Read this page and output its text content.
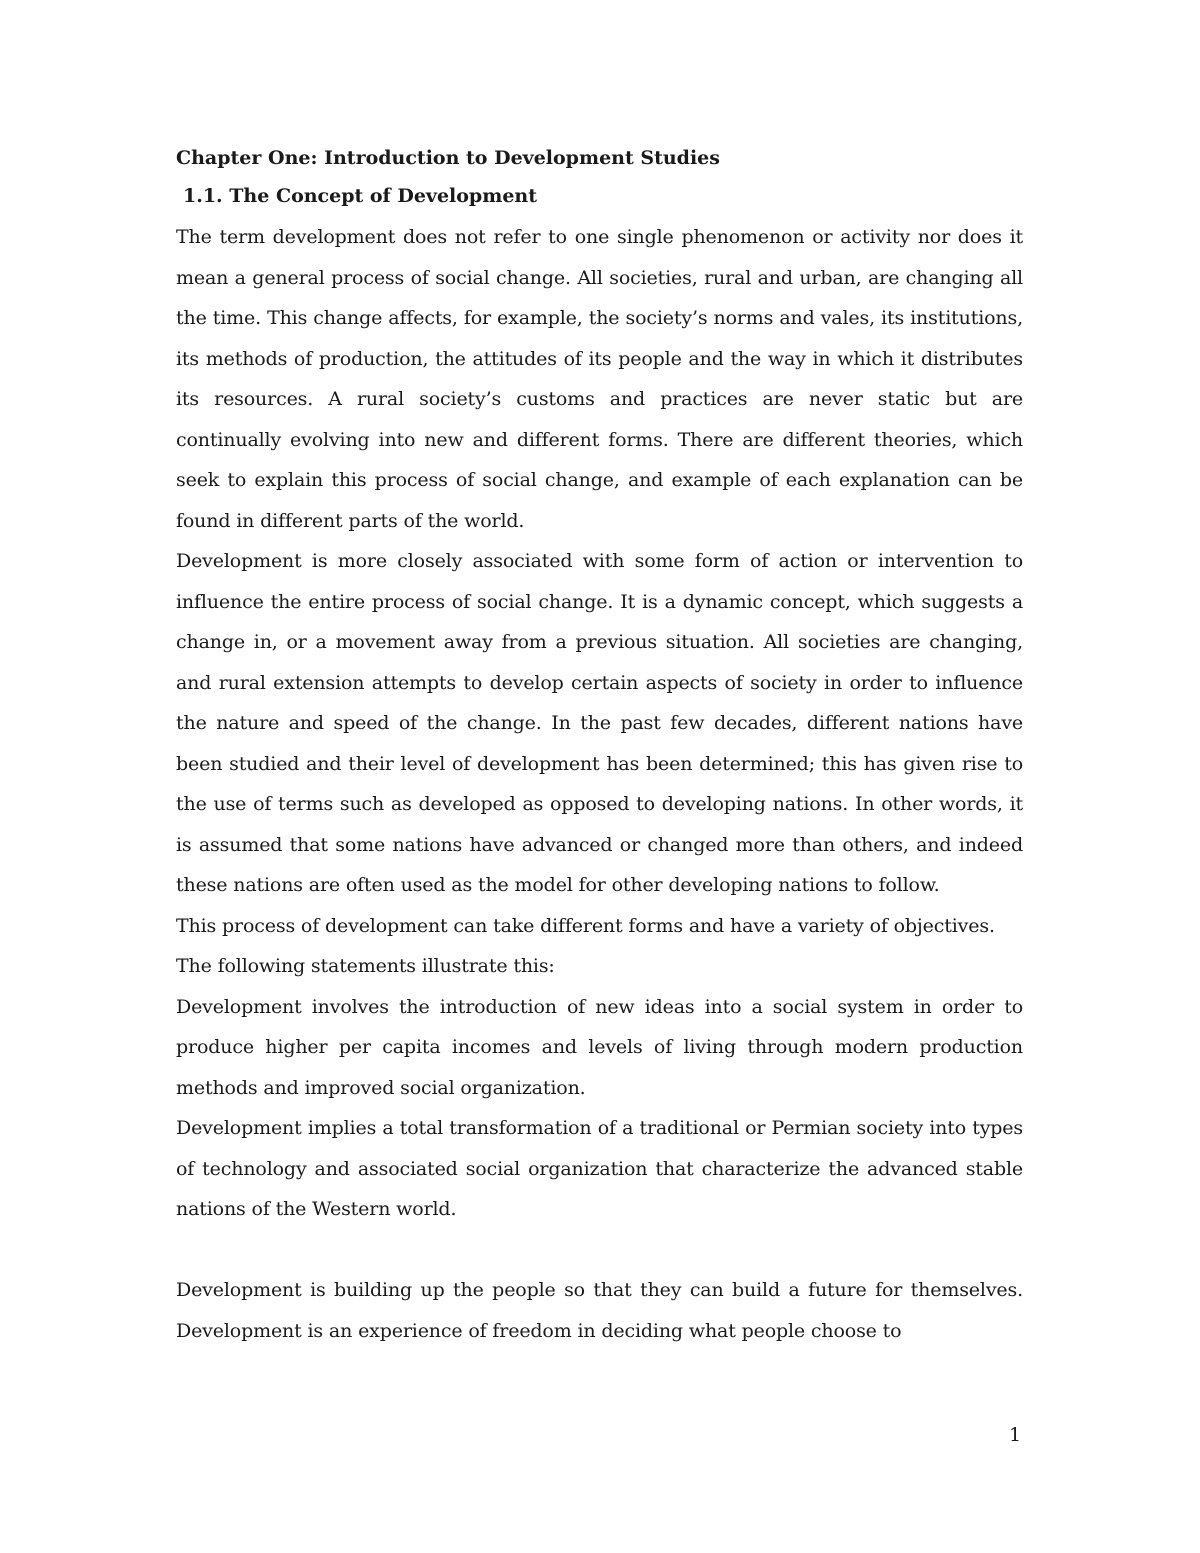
Chapter One: Introduction to Development Studies

1.1. The Concept of Development

The term development does not refer to one single phenomenon or activity nor does it mean a general process of social change. All societies, rural and urban, are changing all the time. This change affects, for example, the society’s norms and vales, its institutions, its methods of production, the attitudes of its people and the way in which it distributes its resources. A rural society’s customs and practices are never static but are continually evolving into new and different forms. There are different theories, which seek to explain this process of social change, and example of each explanation can be found in different parts of the world.

Development is more closely associated with some form of action or intervention to influence the entire process of social change. It is a dynamic concept, which suggests a change in, or a movement away from a previous situation. All societies are changing, and rural extension attempts to develop certain aspects of society in order to influence the nature and speed of the change. In the past few decades, different nations have been studied and their level of development has been determined; this has given rise to the use of terms such as developed as opposed to developing nations. In other words, it is assumed that some nations have advanced or changed more than others, and indeed these nations are often used as the model for other developing nations to follow.

This process of development can take different forms and have a variety of objectives.

The following statements illustrate this:

Development involves the introduction of new ideas into a social system in order to produce higher per capita incomes and levels of living through modern production methods and improved social organization.

Development implies a total transformation of a traditional or Permian society into types of technology and associated social organization that characterize the advanced stable nations of the Western world.

Development is building up the people so that they can build a future for themselves. Development is an experience of freedom in deciding what people choose to

1
